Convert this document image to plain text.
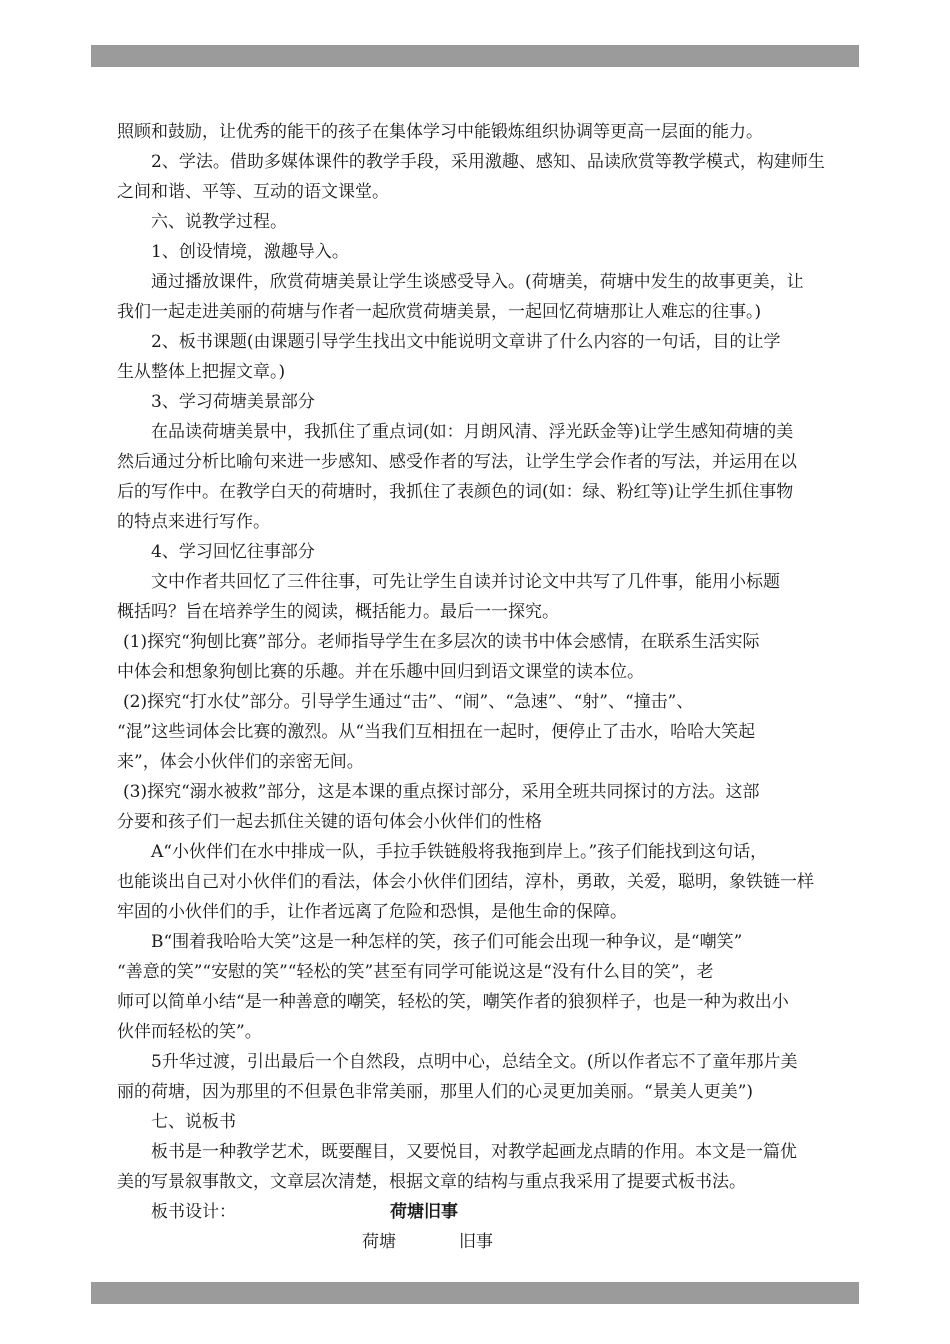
照顾和鼓励，让优秀的能干的孩子在集体学习中能锻炼组织协调等更高一层面的能力。
2、学法。借助多媒体课件的教学手段，采用激趣、感知、品读欣赏等教学模式，构建师生
之间和谐、平等、互动的语文课堂。
六、说教学过程。
1、创设情境，激趣导入。
通过播放课件，欣赏荷塘美景让学生谈感受导入。(荷塘美，荷塘中发生的故事更美，让
我们一起走进美丽的荷塘与作者一起欣赏荷塘美景，一起回忆荷塘那让人难忘的往事。)
2、板书课题(由课题引导学生找出文中能说明文章讲了什么内容的一句话，目的让学
生从整体上把握文章。)
3、学习荷塘美景部分
在品读荷塘美景中，我抓住了重点词(如：月朗风清、浮光跃金等)让学生感知荷塘的美
然后通过分析比喻句来进一步感知、感受作者的写法，让学生学会作者的写法，并运用在以
后的写作中。在教学白天的荷塘时，我抓住了表颜色的词(如：绿、粉红等)让学生抓住事物
的特点来进行写作。
4、学习回忆往事部分
文中作者共回忆了三件往事，可先让学生自读并讨论文中共写了几件事，能用小标题
概括吗？旨在培养学生的阅读，概括能力。最后一一探究。
(1)探究“狗刨比赛”部分。老师指导学生在多层次的读书中体会感情，在联系生活实际
中体会和想象狗刨比赛的乐趣。并在乐趣中回归到语文课堂的读本位。
(2)探究“打水仗”部分。引导学生通过“击”、“闹”、“急速”、“射”、“撞击”、
“混”这些词体会比赛的激烈。从“当我们互相扭在一起时，便停止了击水，哈哈大笑起
来”，体会小伙伴们的亲密无间。
(3)探究“溺水被救”部分，这是本课的重点探讨部分，采用全班共同探讨的方法。这部
分要和孩子们一起去抓住关键的语句体会小伙伴们的性格
A“小伙伴们在水中排成一队，手拉手铁链般将我拖到岸上。”孩子们能找到这句话，
也能谈出自己对小伙伴们的看法，体会小伙伴们团结，淳朴，勇敢，关爱，聪明，象铁链一样
牢固的小伙伴们的手，让作者远离了危险和恐惧，是他生命的保障。
B“围着我哈哈大笑”这是一种怎样的笑，孩子们可能会出现一种争议，是“嘲笑”
“善意的笑”“安慰的笑”“轻松的笑”甚至有同学可能说这是“没有什么目的笑”，老
师可以简单小结“是一种善意的嘲笑，轻松的笑，嘲笑作者的狼狈样子，也是一种为救出小
伙伴而轻松的笑”。
5升华过渡，引出最后一个自然段，点明中心，总结全文。(所以作者忘不了童年那片美
丽的荷塘，因为那里的不但景色非常美丽，那里人们的心灵更加美丽。“景美人更美”)
七、说板书
板书是一种教学艺术，既要醒目，又要悦目，对教学起画龙点睛的作用。本文是一篇优
美的写景叙事散文，文章层次清楚，根据文章的结构与重点我采用了提要式板书法。
板书设计：	荷塘旧事
荷塘	旧事
